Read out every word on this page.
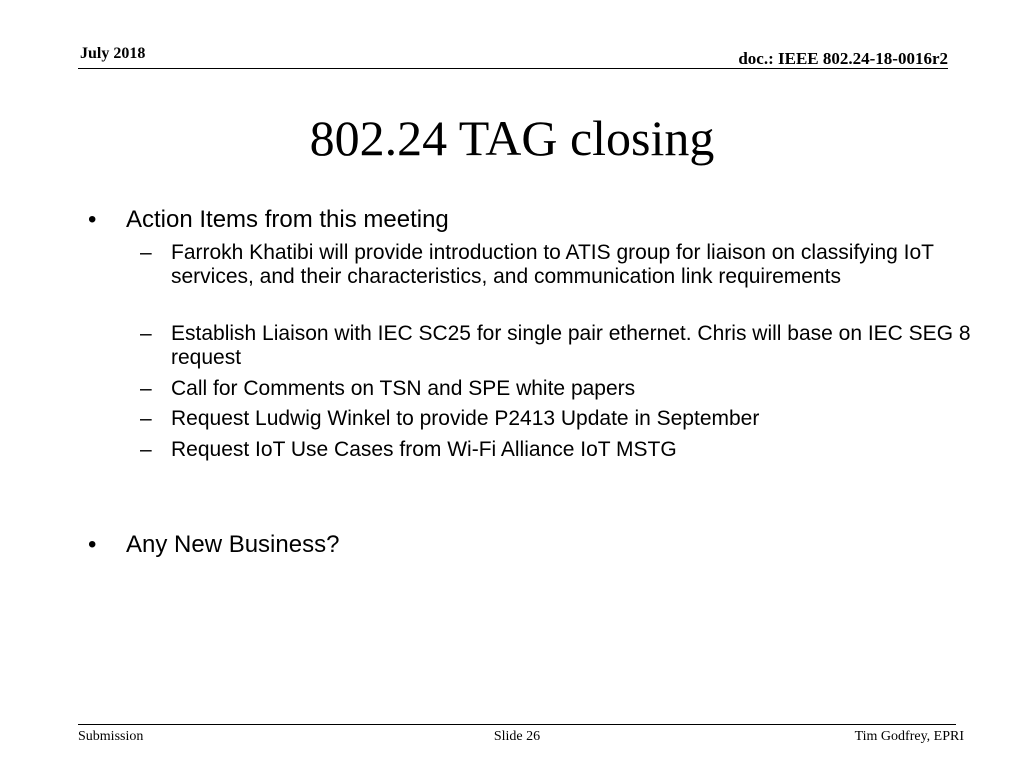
July 2018	doc.: IEEE 802.24-18-0016r2
802.24 TAG closing
• Action Items from this meeting
– Farrokh Khatibi will provide introduction to ATIS group for liaison on classifying IoT services, and their characteristics, and communication link requirements
– Establish Liaison with IEC SC25 for single pair ethernet. Chris will base on IEC SEG 8 request
– Call for Comments on TSN and SPE white papers
– Request Ludwig Winkel to provide P2413 Update in September
– Request IoT Use Cases from Wi-Fi Alliance IoT MSTG
• Any New Business?
Submission	Slide 26	Tim Godfrey, EPRI
